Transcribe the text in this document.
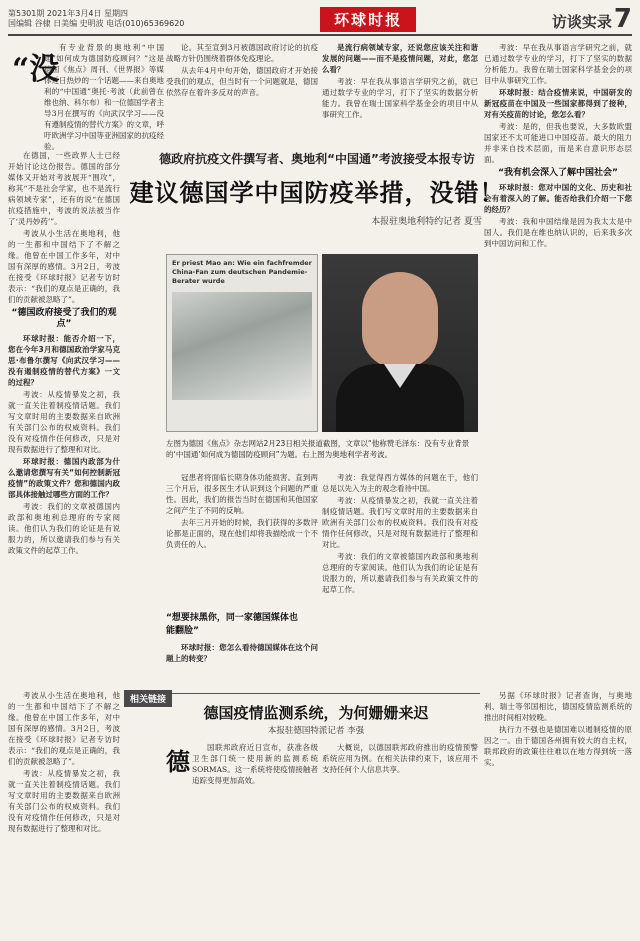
第5301期 2021年3月4日 星期四
国编辑 谷棣 日美编 史明波 电话(010)65369620	环球时报	访谈实录 7
“没

有专业背景的奥地利“中国通”如何成为德国防疫顾问？”这是德国《焦点》周刊、《世界报》等媒体近日热炒的一个话题——来自奥地利的“中国通”奥托·考波（此前曾在维也纳、科尔布）和一位德国学者主导3月在撰写的《向武汉学习——没有遵制疫情的替代方案》的文章，呼吁欧洲学习中国等亚洲国家的抗疫经验。

在德国，一些政界人士已经开始讨论这份报告。德国的部分媒体又开始对考波展开“围攻”，称其“不是社会学家，也不是流行病领域专家”，还有的说“在德国抗疫措施中，考波的说法被当作了‘灵丹妙药’”。

考波从小生活在奥地利，他的一生都和中国结下了不解之缘。他曾在中国工作多年，对中国有深厚的感情。3月2日，考波在接受《环球时报》记者专访时表示：“我们的观点是正确的，我们的贡献被忽略了”。

“德国政府接受了我们的观点”

环球时报：能否介绍一下，您在今年3月和德国政治学家马克思·布鲁尔撰写《向武汉学习——没有遏制疫情的替代方案》一文的过程？

考波：从疫情暴发之初，我就一直关注着制疫情话题。我们写文章时用的主要数据来自欧洲有关部门公布的权威资料。我们没有对疫情作任何修改，只是对现有数据进行了整理和对比。

环球时报：德国内政部为什么邀请您撰写有关“如何控制新冠疫情”的政策文件？您和德国内政部具体接触过哪些方面的工作？

考波：我们的文章被德国内政部和奥地利总理府的专家阅读。他们认为我们的论证是有说服力的，所以邀请我们参与有关政策文件的起草工作。

考波从小生活在奥地利，他的一生都和中国结下了不解之缘。他曾在中国工作多年，对中国有深厚的感情。3月2日，考波在接受《环球时报》记者专访时表示：“我们的观点是正确的，我们的贡献被忽略了”。

考波：从疫情暴发之初，我就一直关注着制疫情话题。我们写文章时用的主要数据来自欧洲有关部门公布的权威资料。我们没有对疫情作任何修改，只是对现有数据进行了整理和对比。

论。其至宣到3月被德国政府讨论的抗疫战略方针仍围绕着群体免疫理论。

从去年4月中旬开始，德国政府才开始接受我们的观点，但当时有一个问题就是，德国依然存在着许多反对的声音。

是流行病领域专家，还说您应该关注和谐发展的问题——而不是疫情问题，对此，您怎么看？

考波：早在我从事语言学研究之前，就已通过数学专业的学习，打下了坚实的数据分析能力。我曾在瑞士国家科学基金会的项目中从事研究工作。

考波：早在我从事语言学研究之前，就已通过数学专业的学习，打下了坚实的数据分析能力。我曾在瑞士国家科学基金会的项目中从事研究工作。

环球时报：结合疫情来说，中国研发的新冠疫苗在中国及一些国家都得到了接种，对有关疫苗的讨论，您怎么看？

考波：是的，但我也要说，大多数欧盟国家还不太可能进口中国疫苗。最大的阻力并非来自技术层面，而是来自意识形态层面。

“我有机会深入了解中国社会”

环球时报：您对中国的文化、历史和社会有着深入的了解。能否给我们介绍一下您的经历？

考波：我和中国结缘是因为我太太是中国人。我们是在维也纳认识的，后来我多次到中国访问和工作。

另据《环球时报》记者查询，与奥地利、瑞士等邻国相比，德国疫情监测系统的推出时间相对较晚。

执行力不强也是德国难以遏制疫情的原因之一。由于德国各州拥有较大的自主权，联邦政府的政策往往难以在地方得到统一落实。

德政府抗疫文件撰写者、奥地利“中国通”考波接受本报专访
建议德国学中国防疫举措，没错！
本报驻奥地利特约记者 夏雪
Er priest Mao an: Wie ein fachfremder China-Fan zum deutschen Pandemie-Berater wurde
左图为德国《焦点》杂志网站2月23日相关报道截图，文章以“他称赞毛泽东：没有专业背景的‘中国通’如何成为德国防疫顾问”为题。右上图为奥地利学者考波。

冠患者将面临长期身体功能损害。直到两三个月后，很多医生才认识到这个问题的严重性。因此，我们的报告当时在德国和其他国家之间产生了不同的反响。

去年三月开始的时候，我们获得的多数评论都是正面的，现在他们却将我描绘成一个不负责任的人。

“想要抹黑你，同一家德国媒体也能翻脸”

环球时报：您怎么看待德国媒体在这个问题上的转变？

考波：我觉得西方媒体的问题在于，他们总是以先入为主的观念看待中国。

考波：从疫情暴发之初，我就一直关注着制疫情话题。我们写文章时用的主要数据来自欧洲有关部门公布的权威资料。我们没有对疫情作任何修改，只是对现有数据进行了整理和对比。

考波：我们的文章被德国内政部和奥地利总理府的专家阅读。他们认为我们的论证是有说服力的，所以邀请我们参与有关政策文件的起草工作。

相关链接
德国疫情监测系统，为何姗姗来迟
本报驻德国特派记者 李强
德	国联邦政府近日宣布，获准各级卫生部门统一使用新的监测系统SORMAS。这一系统将使疫情接触者追踪变得更加高效。

大概说，以德国联邦政府推出的疫情预警系统应用为例。在相关法律约束下，该应用不支持任何个人信息共享。
